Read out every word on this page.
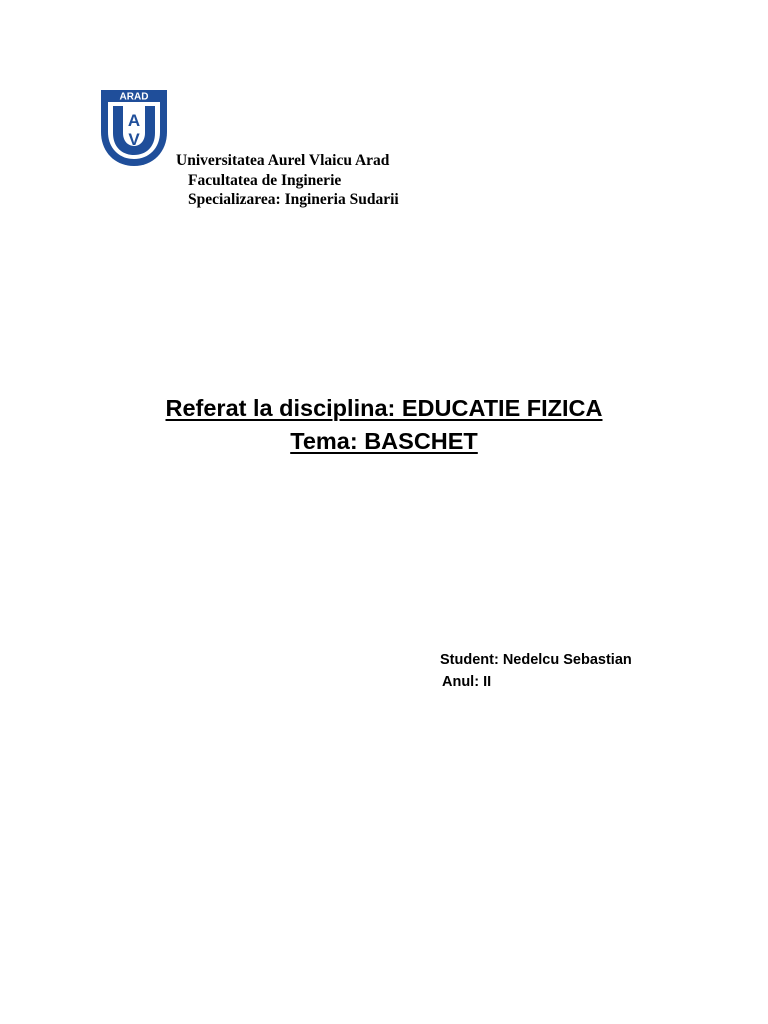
ARAD
A
V
Universitatea Aurel Vlaicu Arad
Facultatea de Inginerie
Specializarea: Ingineria Sudarii
Referat la disciplina: EDUCATIE FIZICA
Tema: BASCHET
Student: Nedelcu Sebastian
Anul: II
